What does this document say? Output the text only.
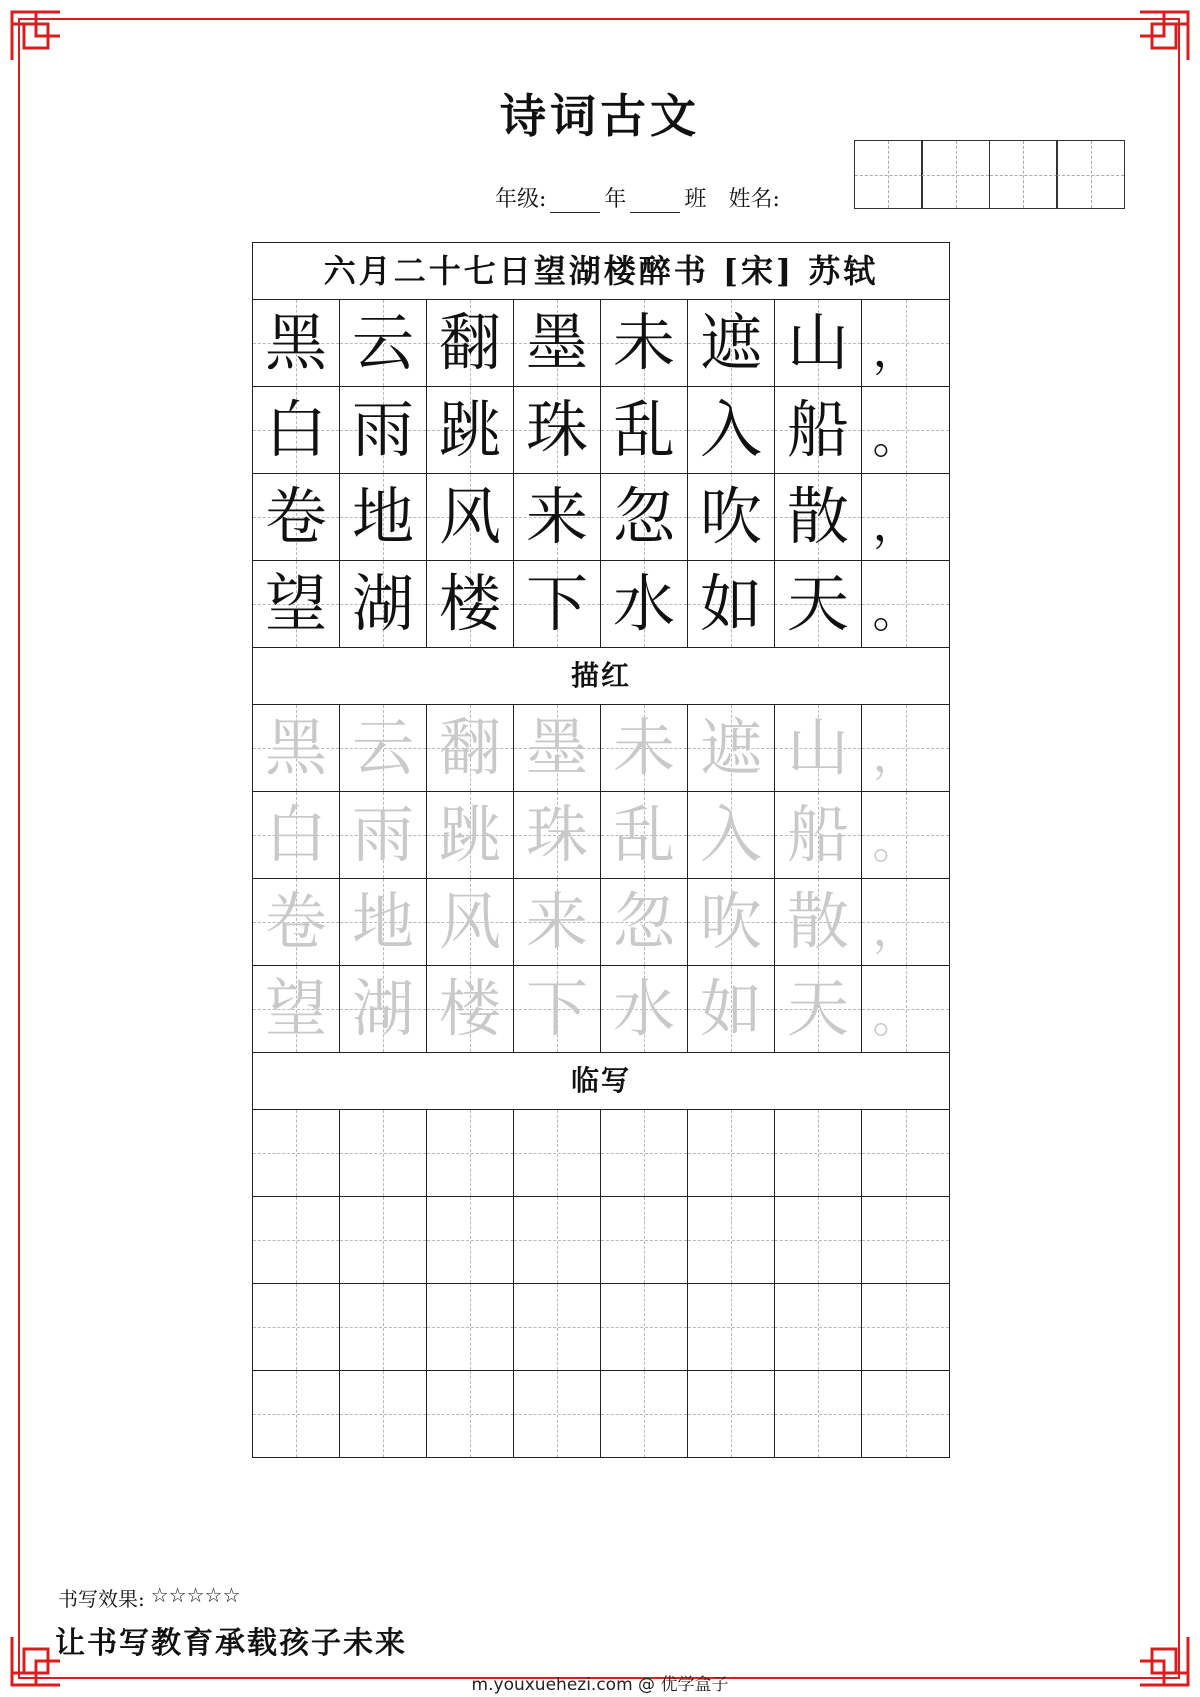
诗词古文
年级:	年	班 姓名:
六月二十七日望湖楼醉书 [宋] 苏轼
黑 云 翻 墨 未 遮 山 ，
白 雨 跳 珠 乱 入 船 。
卷 地 风 来 忽 吹 散 ，
望 湖 楼 下 水 如 天 。
描红
黑 云 翻 墨 未 遮 山 ，
白 雨 跳 珠 乱 入 船 。
卷 地 风 来 忽 吹 散 ，
望 湖 楼 下 水 如 天 。
临写
书写效果: ☆☆☆☆☆
让书写教育承载孩子未来
m.youxuehezi.com @ 优学盒子
